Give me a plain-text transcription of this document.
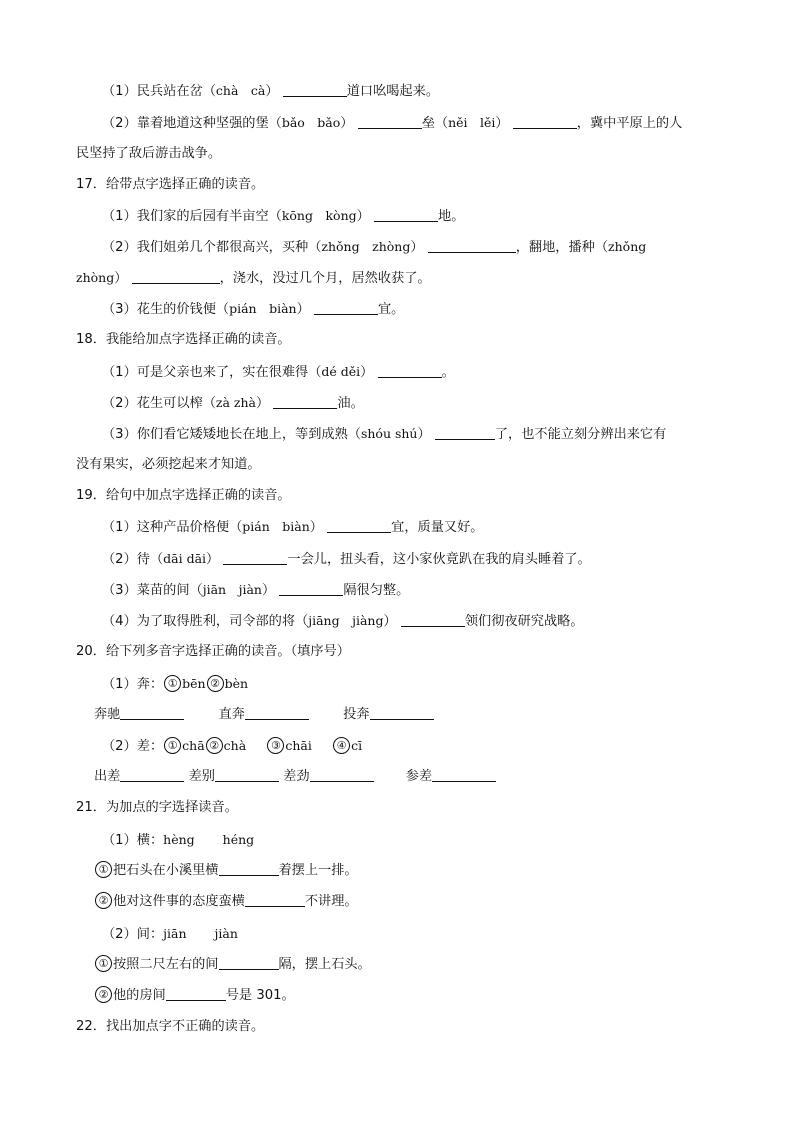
（1）民兵站在岔（chà　cà）	道口吆喝起来。
（2）靠着地道这种坚强的堡（bǎo　bǎo）	垒（něi　lěi）	，冀中平原上的人
民坚持了敌后游击战争。
17．给带点字选择正确的读音。
（1）我们家的后园有半亩空（kōng　kòng）	地。
（2）我们姐弟几个都很高兴，买种（zhǒng　zhòng）	，翻地，播种（zhǒng
zhòng）	，浇水，没过几个月，居然收获了。
（3）花生的价钱便（pián　biàn）	宜。
18．我能给加点字选择正确的读音。
（1）可是父亲也来了，实在很难得（dé děi）	。
（2）花生可以榨（zà zhà）	油。
（3）你们看它矮矮地长在地上，等到成熟（shóu shú）	了，也不能立刻分辨出来它有
没有果实，必须挖起来才知道。
19．给句中加点字选择正确的读音。
（1）这种产品价格便（pián　biàn）	宜，质量又好。
（2）待（dāi dāi）	一会儿，扭头看，这小家伙竟趴在我的肩头睡着了。
（3）菜苗的间（jiān　jiàn）	隔很匀整。
（4）为了取得胜利，司令部的将（jiāng　jiàng）	领们彻夜研究战略。
20．给下列多音字选择正确的读音。（填序号）
（1）奔： ① bēn ② bèn
奔驰	直奔	投奔
（2）差： ① chā ② chà ③ chāi ④ cī
出差	差别	差劲	参差
21．为加点的字选择读音。
（1）横：hèng héng
① 把石头在小溪里横	着摆上一排。
② 他对这件事的态度蛮横	不讲理。
（2）间：jiān jiàn
① 按照二尺左右的间	隔，摆上石头。
② 他的房间	号是 301。
22．找出加点字不正确的读音。
